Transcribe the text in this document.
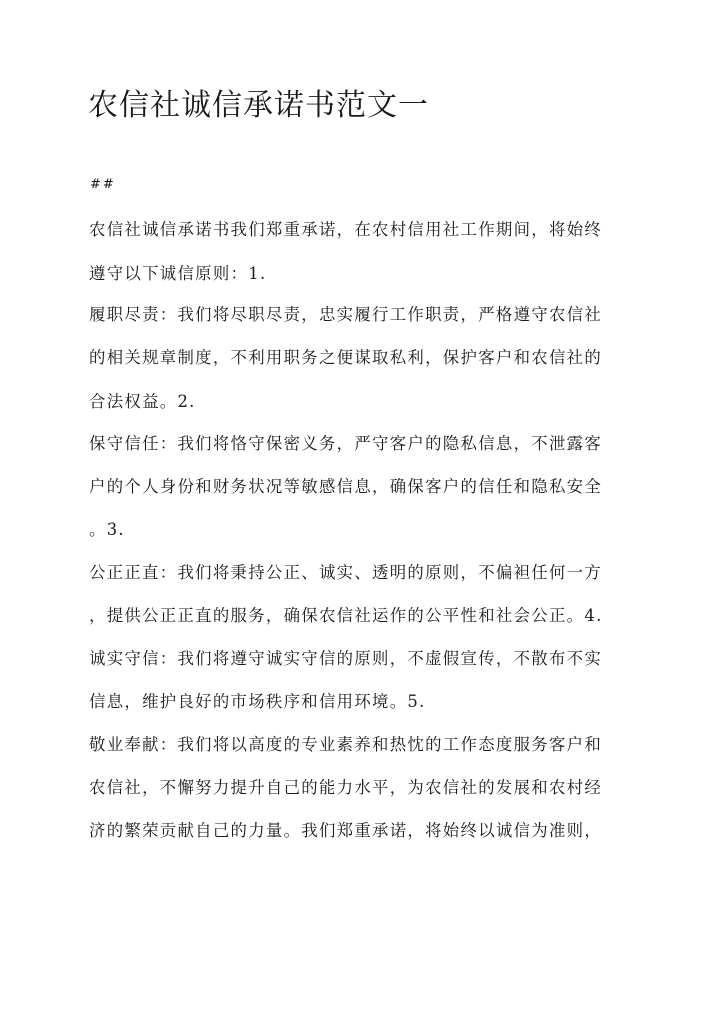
农信社诚信承诺书范文一

##

农信社诚信承诺书我们郑重承诺，在农村信用社工作期间，将始终

遵守以下诚信原则：1.

履职尽责：我们将尽职尽责，忠实履行工作职责，严格遵守农信社

的相关规章制度，不利用职务之便谋取私利，保护客户和农信社的

合法权益。2.

保守信任：我们将恪守保密义务，严守客户的隐私信息，不泄露客

户的个人身份和财务状况等敏感信息，确保客户的信任和隐私安全

。3.

公正正直：我们将秉持公正、诚实、透明的原则，不偏袒任何一方

，提供公正正直的服务，确保农信社运作的公平性和社会公正。4.

诚实守信：我们将遵守诚实守信的原则，不虚假宣传，不散布不实

信息，维护良好的市场秩序和信用环境。5.

敬业奉献：我们将以高度的专业素养和热忱的工作态度服务客户和

农信社，不懈努力提升自己的能力水平，为农信社的发展和农村经

济的繁荣贡献自己的力量。我们郑重承诺，将始终以诚信为准则，
